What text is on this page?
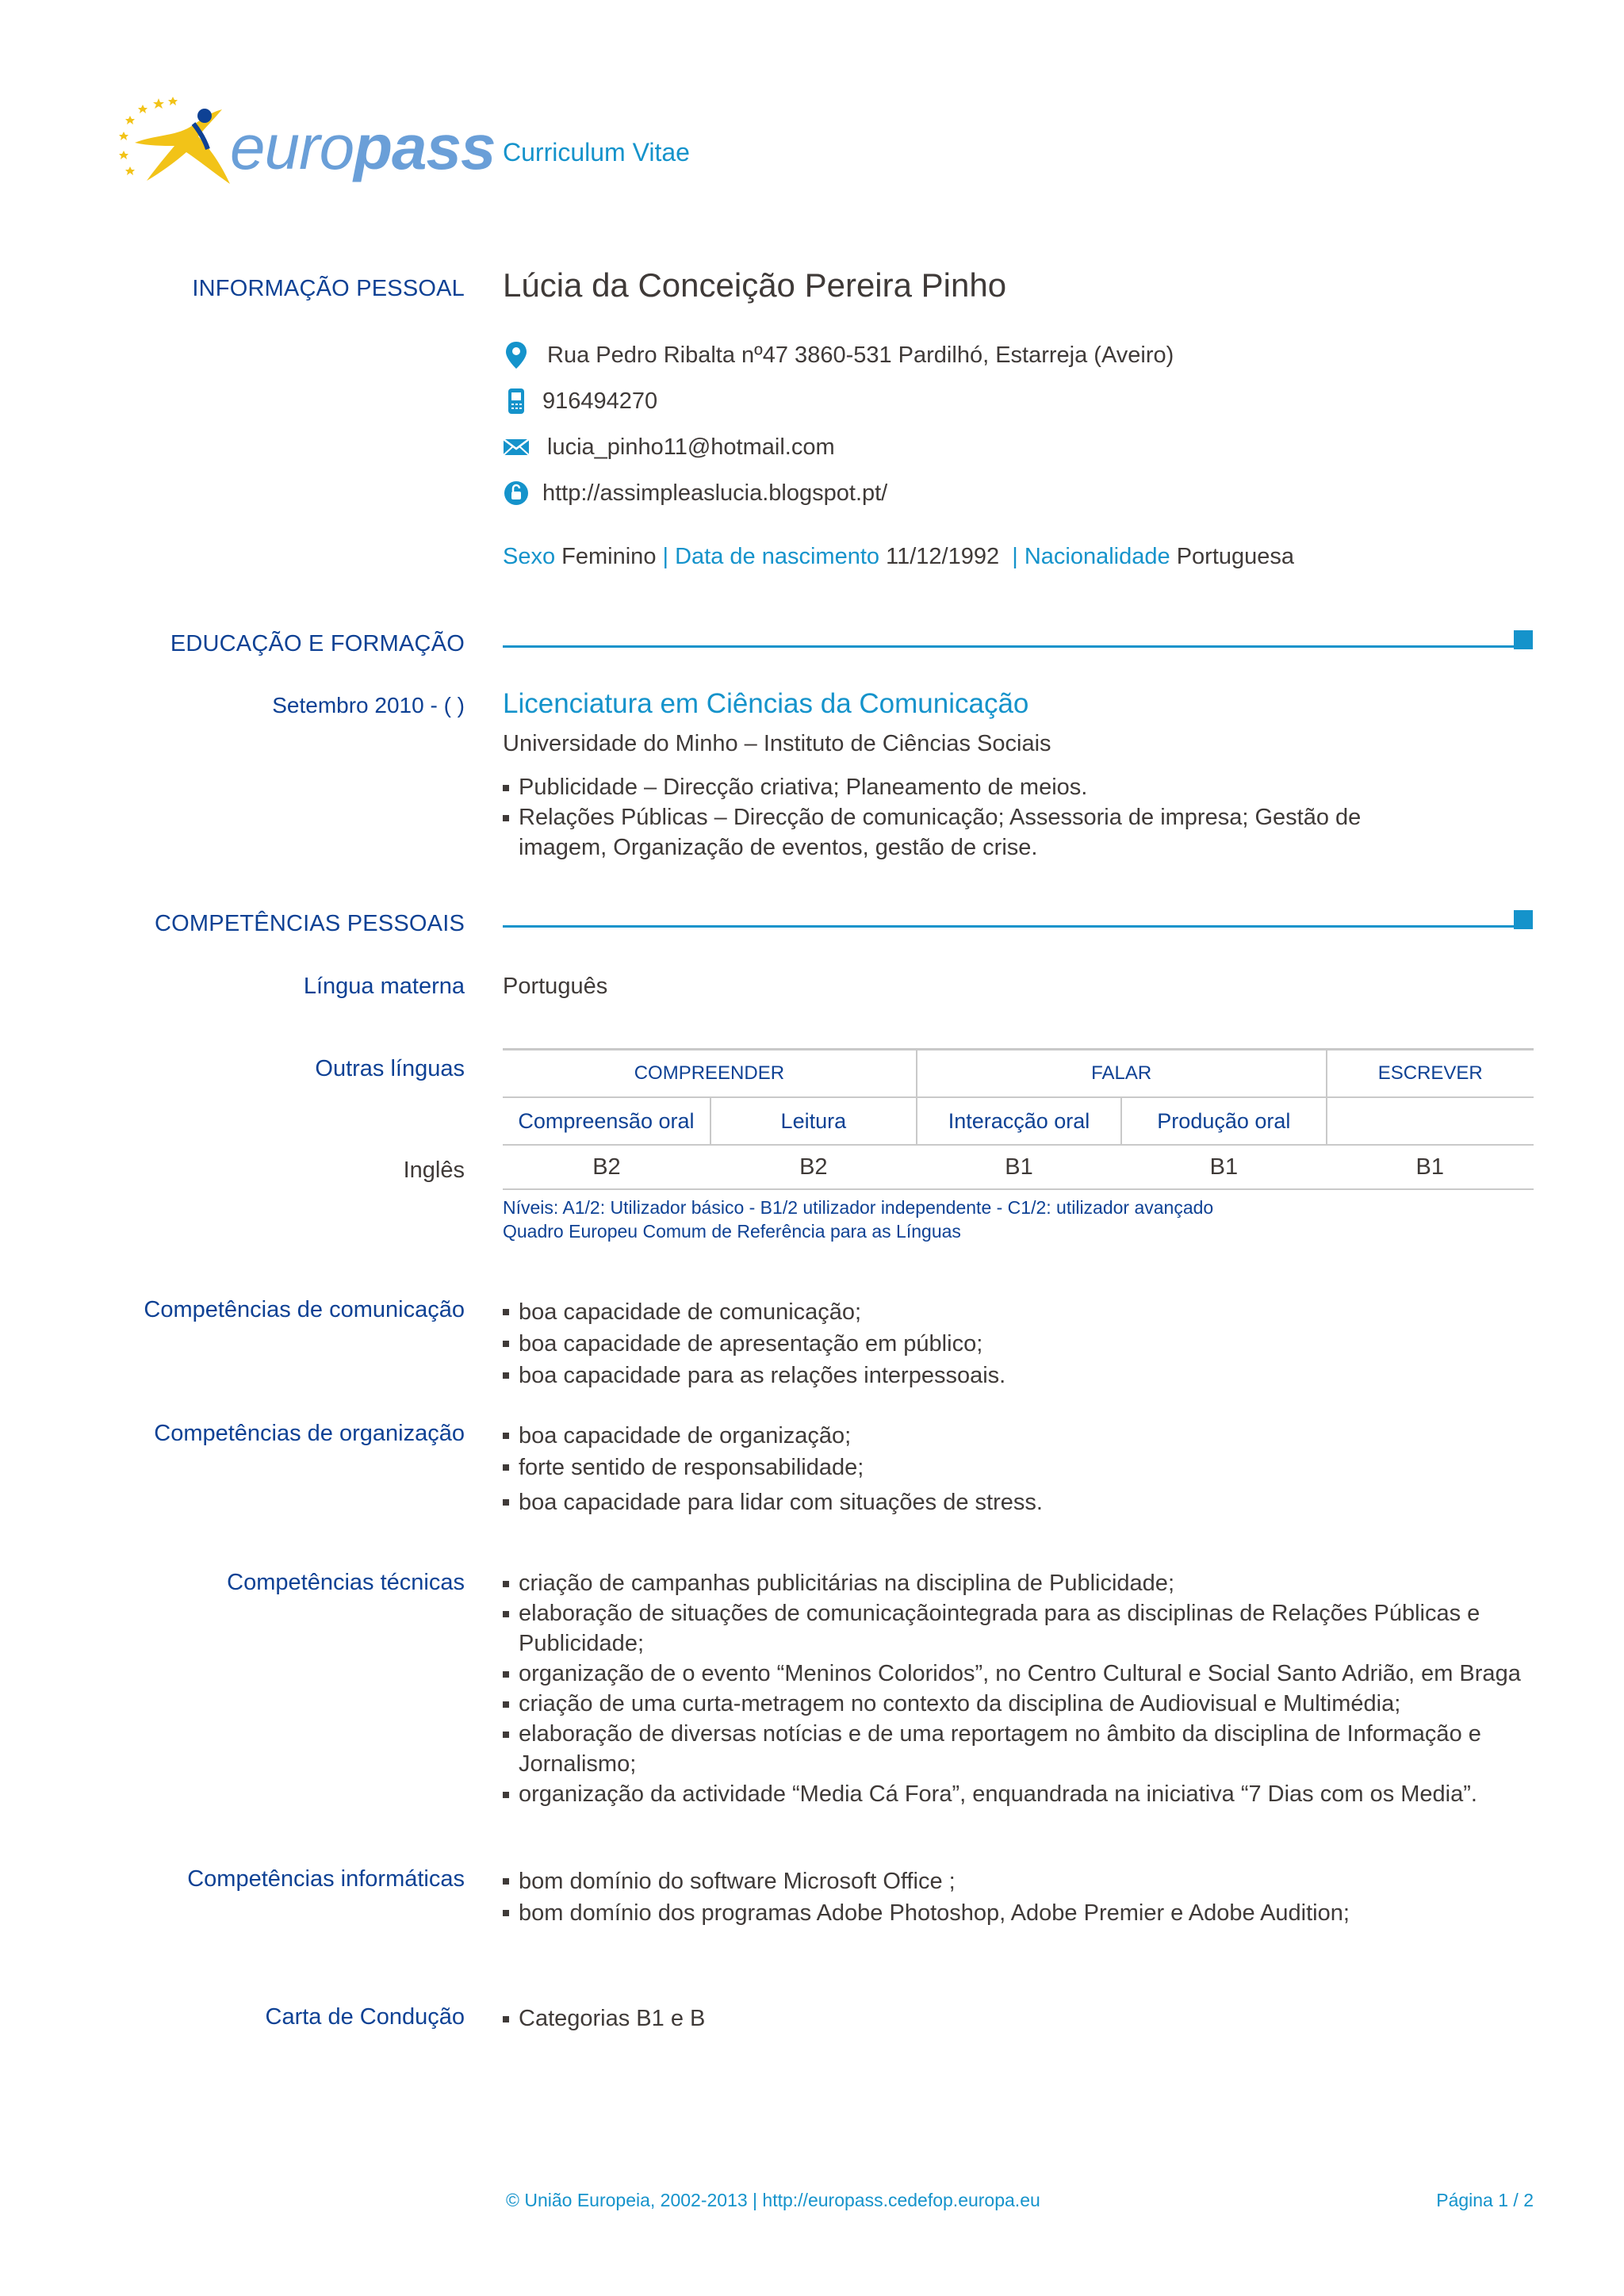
europass Curriculum Vitae
INFORMAÇÃO PESSOAL Lúcia da Conceição Pereira Pinho
Rua Pedro Ribalta nº47 3860-531 Pardilhó, Estarreja (Aveiro)
916494270
lucia_pinho11@hotmail.com
http://assimpleaslucia.blogspot.pt/
Sexo Feminino | Data de nascimento 11/12/1992 | Nacionalidade Portuguesa
EDUCAÇÃO E FORMAÇÃO
Setembro 2010 - ( ) Licenciatura em Ciências da Comunicação
Universidade do Minho – Instituto de Ciências Sociais
Publicidade – Direcção criativa; Planeamento de meios.
Relações Públicas – Direcção de comunicação; Assessoria de impresa; Gestão de imagem, Organização de eventos, gestão de crise.
COMPETÊNCIAS PESSOAIS
Língua materna Português
Outras línguas
Inglês
COMPREENDER		FALAR		ESCREVER
Compreensão oral	Leitura	Interacção oral	Produção oral	
B2	B2	B1	B1	B1
Níveis: A1/2: Utilizador básico - B1/2 utilizador independente - C1/2: utilizador avançado
Quadro Europeu Comum de Referência para as Línguas
Competências de comunicação	boa capacidade de comunicação;
boa capacidade de apresentação em público;
boa capacidade para as relações interpessoais.
Competências de organização	boa capacidade de organização;
forte sentido de responsabilidade;
boa capacidade para lidar com situações de stress.
Competências técnicas	criação de campanhas publicitárias na disciplina de Publicidade;
elaboração de situações de comunicaçãointegrada para as disciplinas de Relações Públicas e Publicidade;
organização de o evento “Meninos Coloridos”, no Centro Cultural e Social Santo Adrião, em Braga
criação de uma curta-metragem no contexto da disciplina de Audiovisual e Multimédia;
elaboração de diversas notícias e de uma reportagem no âmbito da disciplina de Informação e Jornalismo;
organização da actividade “Media Cá Fora”, enquandrada na iniciativa “7 Dias com os Media”.
Competências informáticas	bom domínio do software Microsoft Office ;
bom domínio dos programas Adobe Photoshop, Adobe Premier e Adobe Audition;
Carta de Condução	Categorias B1 e B
© União Europeia, 2002-2013 | http://europass.cedefop.europa.eu	Página 1 / 2
